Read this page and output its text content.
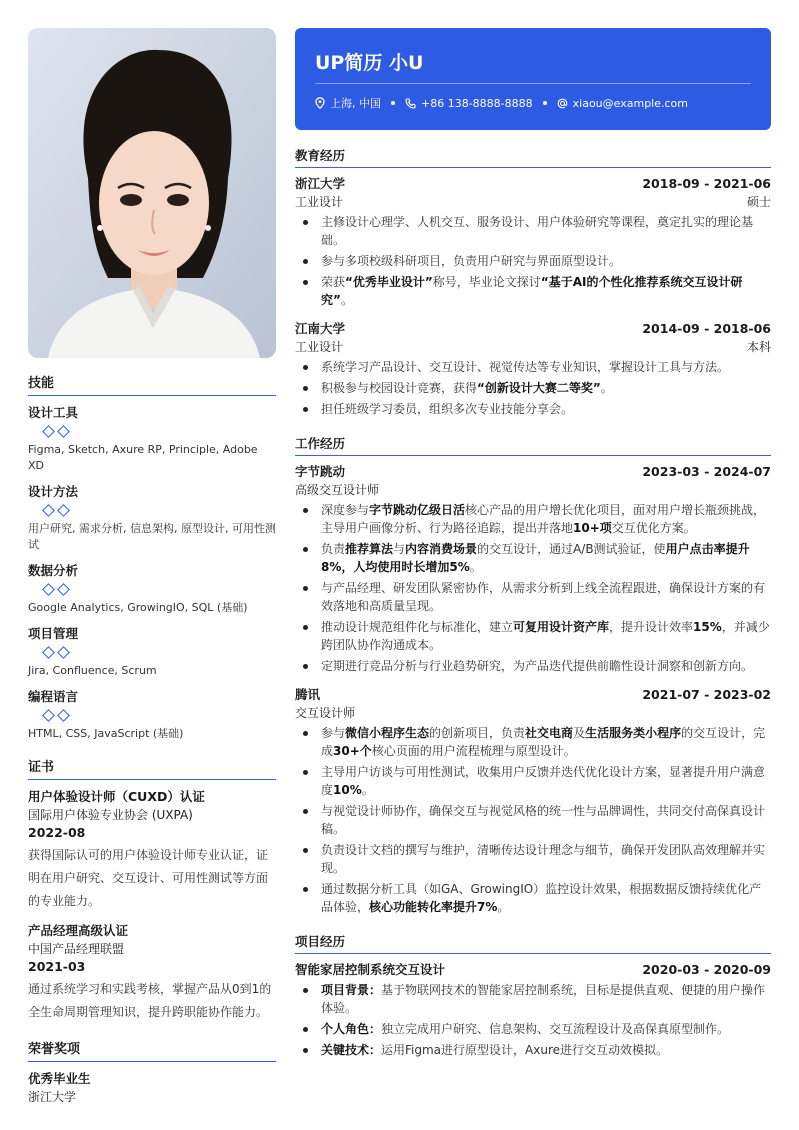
技能
设计工具
Figma, Sketch, Axure RP, Principle, Adobe XD
设计方法
用户研究, 需求分析, 信息架构, 原型设计, 可用性测试
数据分析
Google Analytics, GrowingIO, SQL (基础)
项目管理
Jira, Confluence, Scrum
编程语言
HTML, CSS, JavaScript (基础)
证书
用户体验设计师（CUXD）认证
国际用户体验专业协会 (UXPA)
2022-08
获得国际认可的用户体验设计师专业认证，证明在用户研究、交互设计、可用性测试等方面的专业能力。
产品经理高级认证
中国产品经理联盟
2021-03
通过系统学习和实践考核，掌握产品从0到1的全生命周期管理知识，提升跨职能协作能力。
荣誉奖项
优秀毕业生
浙江大学
UP简历 小U
上海, 中国	+86 138-8888-8888	xiaou@example.com
教育经历
浙江大学	2018-09 - 2021-06
工业设计	硕士
主修设计心理学、人机交互、服务设计、用户体验研究等课程，奠定扎实的理论基础。
参与多项校级科研项目，负责用户研究与界面原型设计。
荣获“优秀毕业设计”称号，毕业论文探讨“基于AI的个性化推荐系统交互设计研究”。
江南大学	2014-09 - 2018-06
工业设计	本科
系统学习产品设计、交互设计、视觉传达等专业知识，掌握设计工具与方法。
积极参与校园设计竞赛，获得“创新设计大赛二等奖”。
担任班级学习委员，组织多次专业技能分享会。
工作经历
字节跳动	2023-03 - 2024-07
高级交互设计师
深度参与字节跳动亿级日活核心产品的用户增长优化项目，面对用户增长瓶颈挑战，主导用户画像分析、行为路径追踪，提出并落地10+项交互优化方案。
负责推荐算法与内容消费场景的交互设计，通过A/B测试验证，使用户点击率提升8%，人均使用时长增加5%。
与产品经理、研发团队紧密协作，从需求分析到上线全流程跟进，确保设计方案的有效落地和高质量呈现。
推动设计规范组件化与标准化，建立可复用设计资产库，提升设计效率15%，并减少跨团队协作沟通成本。
定期进行竞品分析与行业趋势研究，为产品迭代提供前瞻性设计洞察和创新方向。
腾讯	2021-07 - 2023-02
交互设计师
参与微信小程序生态的创新项目，负责社交电商及生活服务类小程序的交互设计，完成30+个核心页面的用户流程梳理与原型设计。
主导用户访谈与可用性测试，收集用户反馈并迭代优化设计方案，显著提升用户满意度10%。
与视觉设计师协作，确保交互与视觉风格的统一性与品牌调性，共同交付高保真设计稿。
负责设计文档的撰写与维护，清晰传达设计理念与细节，确保开发团队高效理解并实现。
通过数据分析工具（如GA、GrowingIO）监控设计效果，根据数据反馈持续优化产品体验，核心功能转化率提升7%。
项目经历
智能家居控制系统交互设计	2020-03 - 2020-09
项目背景：基于物联网技术的智能家居控制系统，目标是提供直观、便捷的用户操作体验。
个人角色：独立完成用户研究、信息架构、交互流程设计及高保真原型制作。
关键技术：运用Figma进行原型设计，Axure进行交互动效模拟。
